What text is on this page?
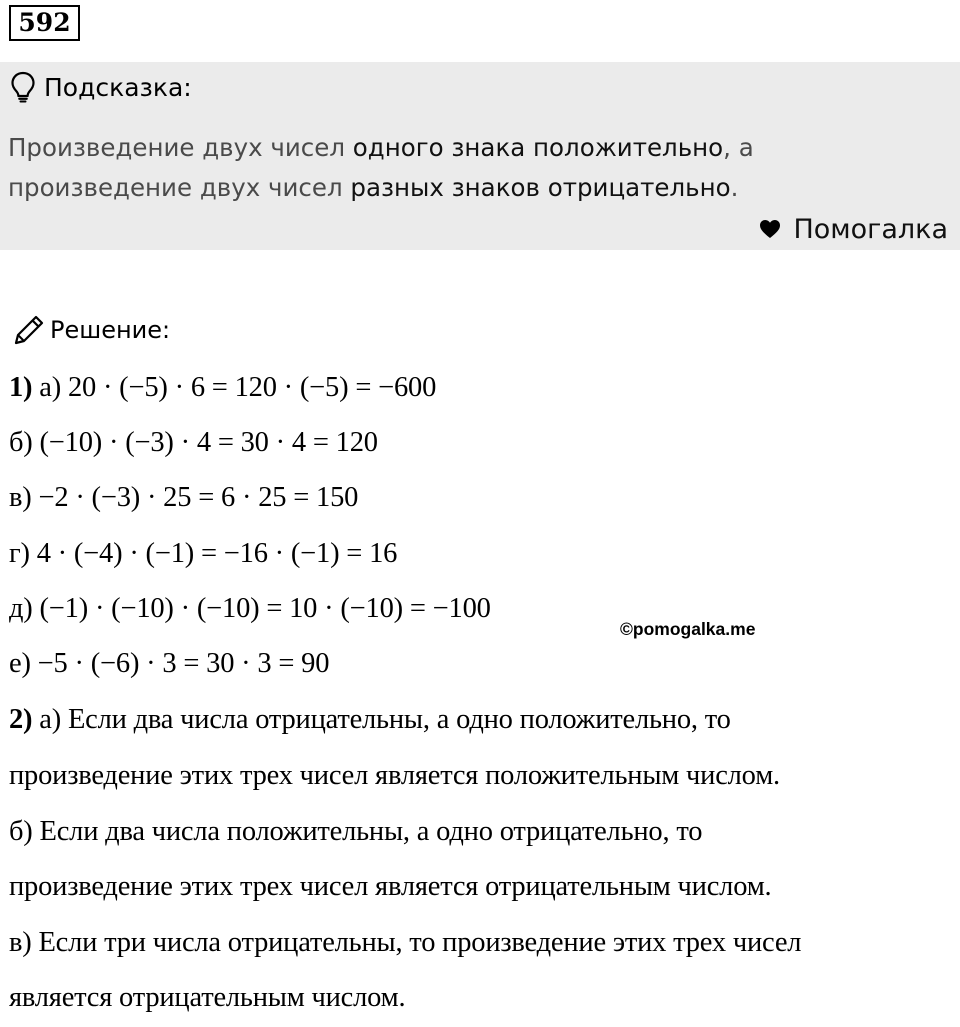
592
Подсказка:
Произведение двух чисел одного знака положительно, а
произведение двух чисел разных знаков отрицательно.
Помогалка
Решение:
1) а) 20 · (−5) · 6 = 120 · (−5) = −600
б) (−10) · (−3) · 4 = 30 · 4 = 120
в) −2 · (−3) · 25 = 6 · 25 = 150
г) 4 · (−4) · (−1) = −16 · (−1) = 16
д) (−1) · (−10) · (−10) = 10 · (−10) = −100
е) −5 · (−6) · 3 = 30 · 3 = 90
©pomogalka.me
2) а) Если два числа отрицательны, а одно положительно, то
произведение этих трех чисел является положительным числом.
б) Если два числа положительны, а одно отрицательно, то
произведение этих трех чисел является отрицательным числом.
в) Если три числа отрицательны, то произведение этих трех чисел
является отрицательным числом.
